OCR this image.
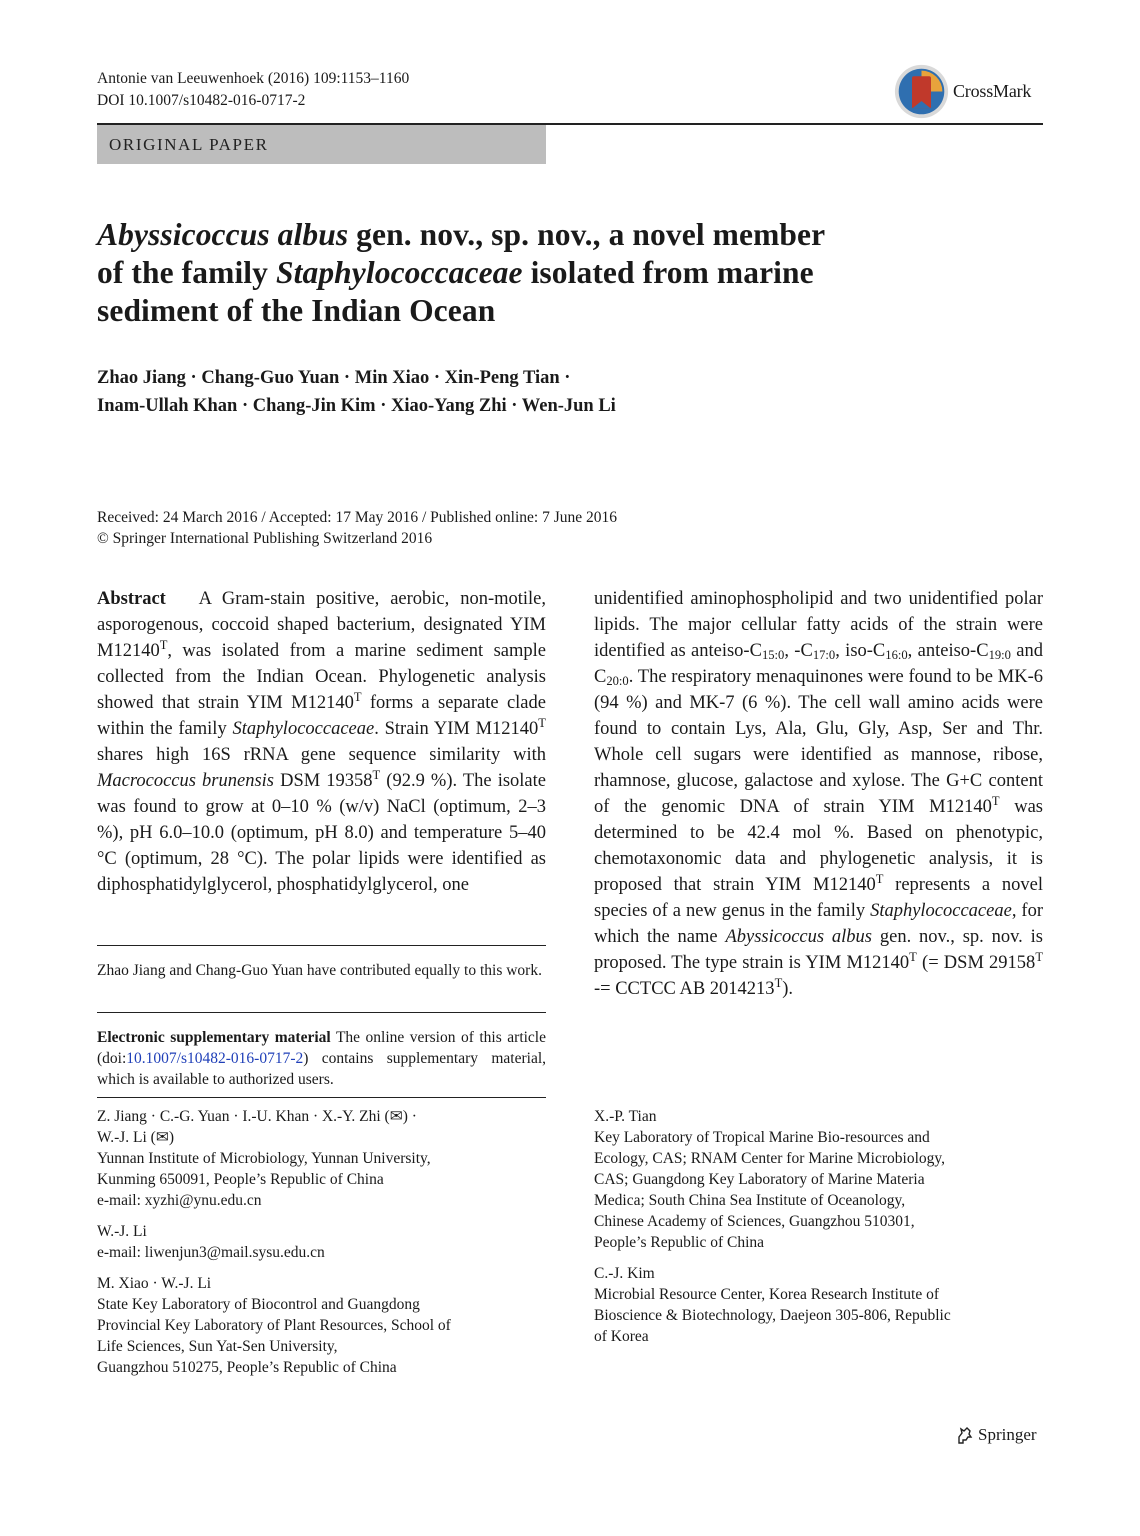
Antonie van Leeuwenhoek (2016) 109:1153–1160
DOI 10.1007/s10482-016-0717-2	CrossMark
ORIGINAL PAPER
Abyssicoccus albus gen. nov., sp. nov., a novel member
of the family Staphylococcaceae isolated from marine
sediment of the Indian Ocean
Zhao Jiang · Chang-Guo Yuan · Min Xiao · Xin-Peng Tian ·
Inam-Ullah Khan · Chang-Jin Kim · Xiao-Yang Zhi · Wen-Jun Li
Received: 24 March 2016 / Accepted: 17 May 2016 / Published online: 7 June 2016
© Springer International Publishing Switzerland 2016
Abstract A Gram-stain positive, aerobic, non-motile, asporogenous, coccoid shaped bacterium, designated YIM $M12140^T$, was isolated from a marine sediment sample collected from the Indian Ocean. Phylogenetic analysis showed that strain YIM $M12140^T$ forms a separate clade within the family Staphylococcaceae. Strain YIM $M12140^T$ shares high 16S rRNA gene sequence similarity with Macrococcus brunensis DSM $19358^T$ (92.9 %). The isolate was found to grow at 0–10 % (w/v) NaCl (optimum, 2–3 %), pH 6.0–10.0 (optimum, pH 8.0) and temperature 5–40 °C (optimum, 28 °C). The polar lipids were identified as diphosphatidylglycerol, phosphatidylglycerol, one
unidentified aminophospholipid and two unidentified polar lipids. The major cellular fatty acids of the strain were identified as anteiso-$C_{15:0}$, $-C_{17:0}$, iso-$C_{16:0}$, anteiso-$C_{19:0}$ and $C_{20:0}$. The respiratory menaquinones were found to be MK-6 (94 %) and MK-7 (6 %). The cell wall amino acids were found to contain Lys, Ala, Glu, Gly, Asp, Ser and Thr. Whole cell sugars were identified as mannose, ribose, rhamnose, glucose, galactose and xylose. The G+C content of the genomic DNA of strain YIM $M12140^T$ was determined to be 42.4 mol %. Based on phenotypic, chemotaxonomic data and phylogenetic analysis, it is proposed that strain YIM $M12140^T$ represents a novel species of a new genus in the family Staphylococcaceae, for which the name Abyssicoccus albus gen. nov., sp. nov. is proposed. The type strain is YIM $M12140^T$ (= DSM $29158^T$ -= CCTCC AB $2014213^T$).
Zhao Jiang and Chang-Guo Yuan have contributed equally to this work.
Electronic supplementary material The online version of this article (doi:10.1007/s10482-016-0717-2) contains supplementary material, which is available to authorized users.
Z. Jiang · C.-G. Yuan · I.-U. Khan · X.-Y. Zhi (✉) ·
W.-J. Li (✉)
Yunnan Institute of Microbiology, Yunnan University,
Kunming 650091, People’s Republic of China
e-mail: xyzhi@ynu.edu.cn
W.-J. Li
e-mail: liwenjun3@mail.sysu.edu.cn
M. Xiao · W.-J. Li
State Key Laboratory of Biocontrol and Guangdong
Provincial Key Laboratory of Plant Resources, School of
Life Sciences, Sun Yat-Sen University,
Guangzhou 510275, People’s Republic of China
X.-P. Tian
Key Laboratory of Tropical Marine Bio-resources and
Ecology, CAS; RNAM Center for Marine Microbiology,
CAS; Guangdong Key Laboratory of Marine Materia
Medica; South China Sea Institute of Oceanology,
Chinese Academy of Sciences, Guangzhou 510301,
People’s Republic of China
C.-J. Kim
Microbial Resource Center, Korea Research Institute of
Bioscience & Biotechnology, Daejeon 305-806, Republic
of Korea
Springer
